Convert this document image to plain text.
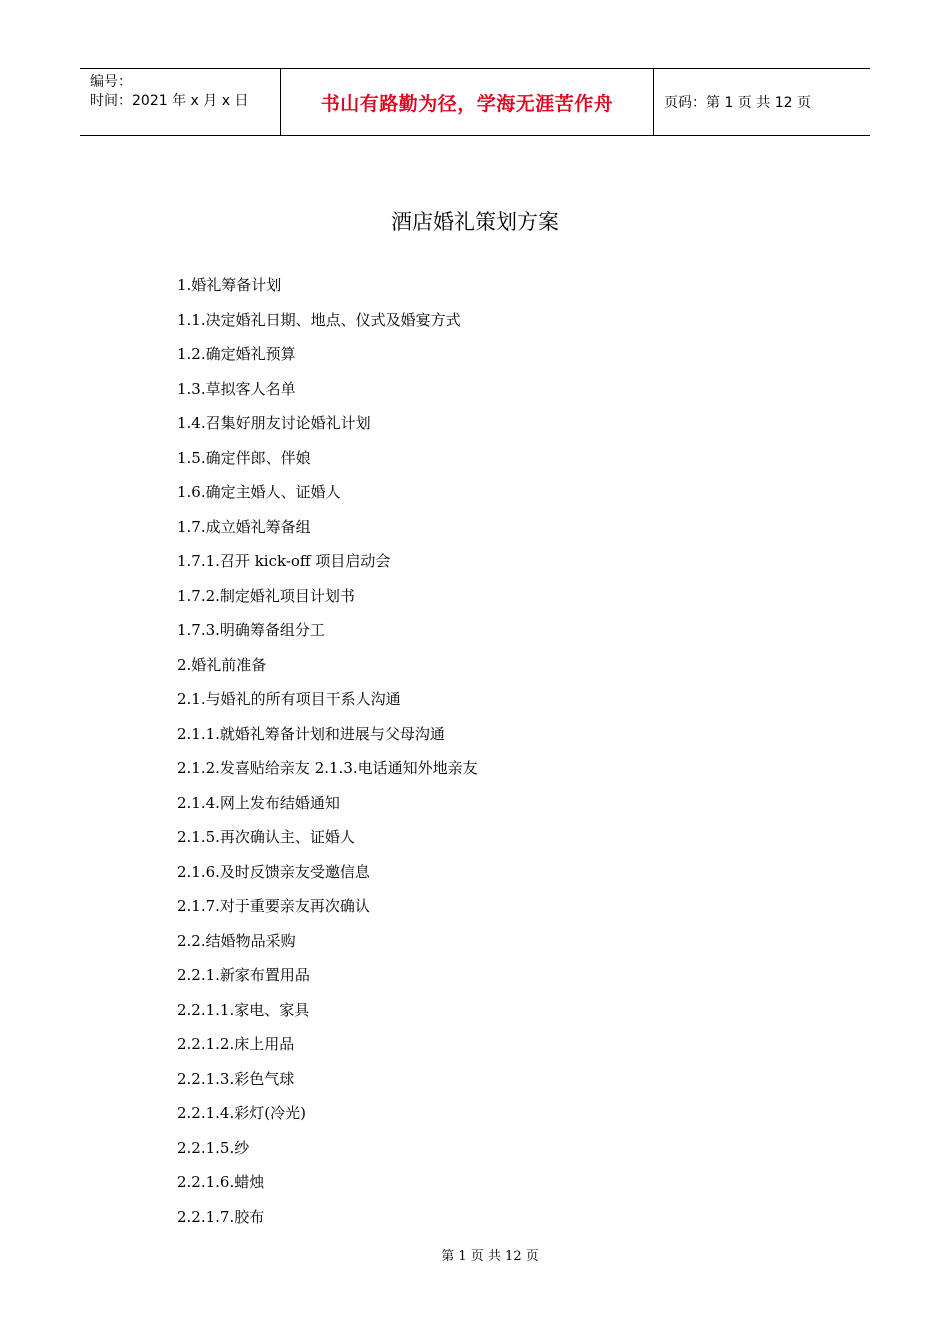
编号：
时间：2021 年 x 月 x 日	书山有路勤为径，学海无涯苦作舟	页码：第 1 页 共 12 页
酒店婚礼策划方案
1.婚礼筹备计划
1.1.决定婚礼日期、地点、仪式及婚宴方式
1.2.确定婚礼预算
1.3.草拟客人名单
1.4.召集好朋友讨论婚礼计划
1.5.确定伴郎、伴娘
1.6.确定主婚人、证婚人
1.7.成立婚礼筹备组
1.7.1.召开 kick-off 项目启动会
1.7.2.制定婚礼项目计划书
1.7.3.明确筹备组分工
2.婚礼前准备
2.1.与婚礼的所有项目干系人沟通
2.1.1.就婚礼筹备计划和进展与父母沟通
2.1.2.发喜贴给亲友 2.1.3.电话通知外地亲友
2.1.4.网上发布结婚通知
2.1.5.再次确认主、证婚人
2.1.6.及时反馈亲友受邀信息
2.1.7.对于重要亲友再次确认
2.2.结婚物品采购
2.2.1.新家布置用品
2.2.1.1.家电、家具
2.2.1.2.床上用品
2.2.1.3.彩色气球
2.2.1.4.彩灯(冷光)
2.2.1.5.纱
2.2.1.6.蜡烛
2.2.1.7.胶布
第 1 页 共 12 页
